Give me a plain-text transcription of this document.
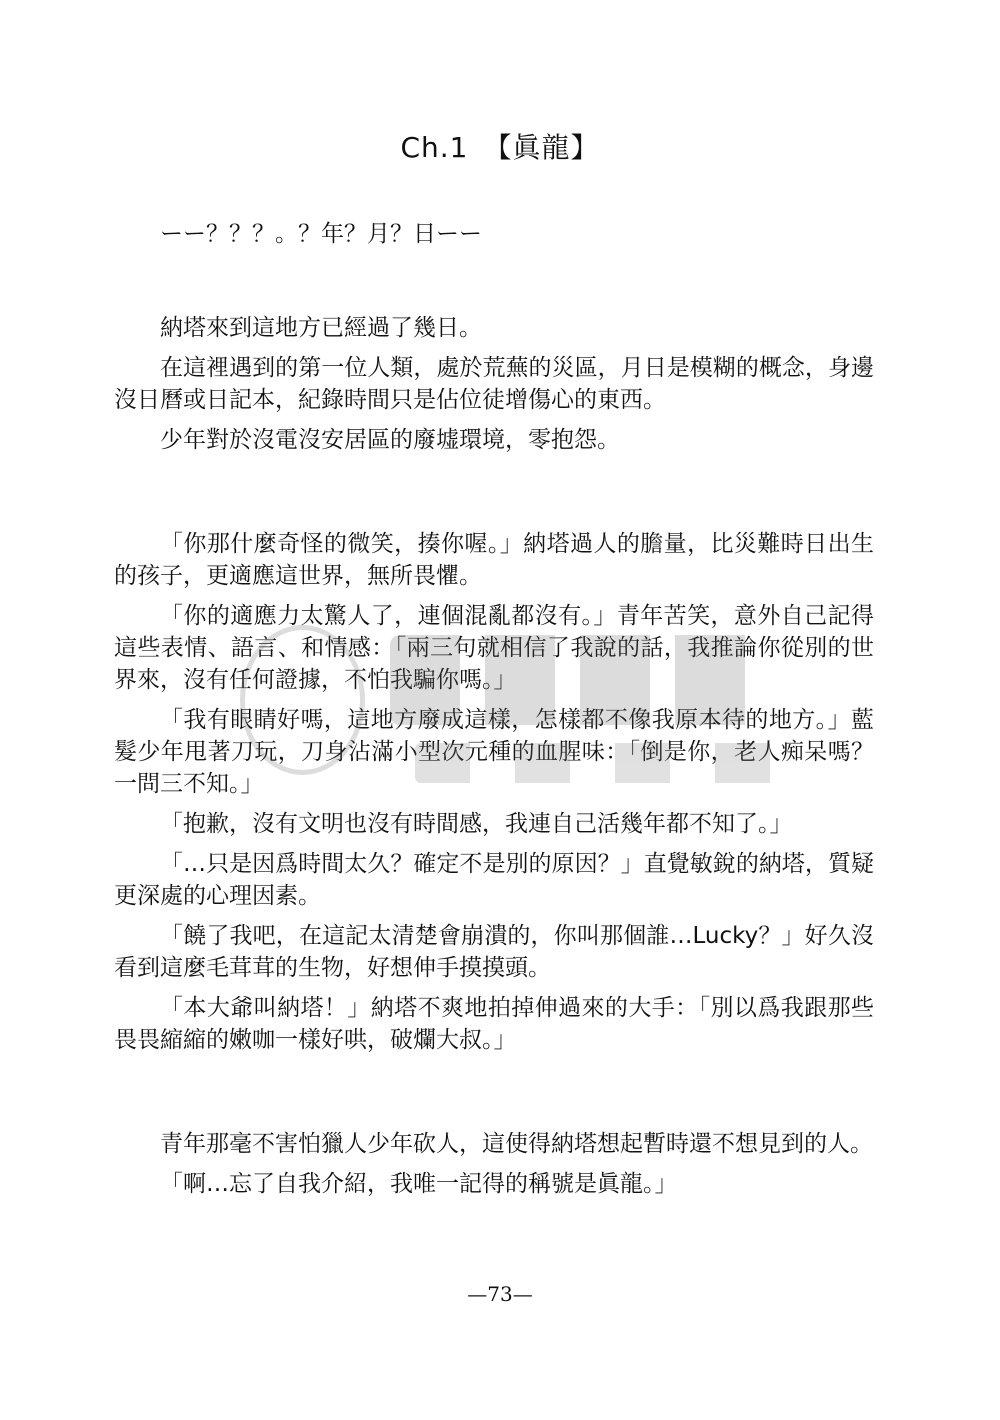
Ch.1　【眞龍】

ーー？？？。？年？月？日ーー

納塔來到這地方已經過了幾日。

在這裡遇到的第一位人類，處於荒蕪的災區，月日是模糊的概念，身邊沒日曆或日記本，紀錄時間只是佔位徒增傷心的東西。

少年對於沒電沒安居區的廢墟環境，零抱怨。

「你那什麼奇怪的微笑，揍你喔。」納塔過人的膽量，比災難時日出生的孩子，更適應這世界，無所畏懼。

「你的適應力太驚人了，連個混亂都沒有。」青年苦笑，意外自己記得這些表情、語言、和情感：「兩三句就相信了我說的話，我推論你從別的世界來，沒有任何證據，不怕我騙你嗎。」

「我有眼睛好嗎，這地方廢成這樣，怎樣都不像我原本待的地方。」藍髮少年甩著刀玩，刀身沾滿小型次元種的血腥味：「倒是你，老人痴呆嗎？一問三不知。」

「抱歉，沒有文明也沒有時間感，我連自己活幾年都不知了。」

「…只是因爲時間太久？確定不是別的原因？」直覺敏銳的納塔，質疑更深處的心理因素。

「饒了我吧，在這記太清楚會崩潰的，你叫那個誰…Lucky？」好久沒看到這麼毛茸茸的生物，好想伸手摸摸頭。

「本大爺叫納塔！」納塔不爽地拍掉伸過來的大手：「別以爲我跟那些畏畏縮縮的嫩咖一樣好哄，破爛大叔。」

青年那毫不害怕獵人少年砍人，這使得納塔想起暫時還不想見到的人。

「啊…忘了自我介紹，我唯一記得的稱號是眞龍。」

—73—
